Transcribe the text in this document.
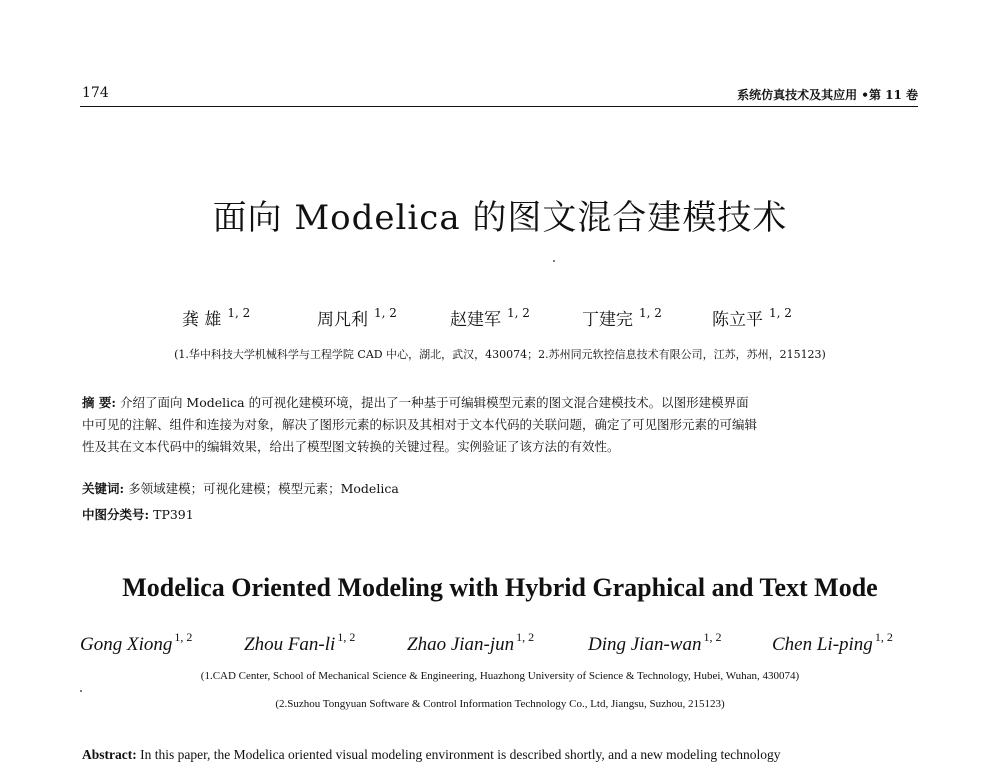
174	系统仿真技术及其应用 •第 11 卷
面向 Modelica 的图文混合建模技术
龚 雄 $^{1, 2}$	周凡利 $^{1, 2}$	赵建军 $^{1, 2}$	丁建完 $^{1, 2}$	陈立平 $^{1, 2}$
(1.华中科技大学机械科学与工程学院 CAD 中心，湖北，武汉，430074；2.苏州同元软控信息技术有限公司，江苏，苏州，215123)
摘 要: 介绍了面向 Modelica 的可视化建模环境，提出了一种基于可编辑模型元素的图文混合建模技术。以图形建模界面
中可见的注解、组件和连接为对象，解决了图形元素的标识及其相对于文本代码的关联问题，确定了可见图形元素的可编辑
性及其在文本代码中的编辑效果，给出了模型图文转换的关键过程。实例验证了该方法的有效性。
关键词: 多领域建模；可视化建模；模型元素；Modelica
中图分类号: TP391
Modelica Oriented Modeling with Hybrid Graphical and Text Mode
Gong Xiong $^{1, 2}$	Zhou Fan-li $^{1, 2}$	Zhao Jian-jun $^{1, 2}$	Ding Jian-wan $^{1, 2}$	Chen Li-ping $^{1, 2}$
(1.CAD Center, School of Mechanical Science & Engineering, Huazhong University of Science & Technology, Hubei, Wuhan, 430074)
(2.Suzhou Tongyuan Software & Control Information Technology Co., Ltd, Jiangsu, Suzhou, 215123)
Abstract: In this paper, the Modelica oriented visual modeling environment is described shortly, and a new modeling technology
